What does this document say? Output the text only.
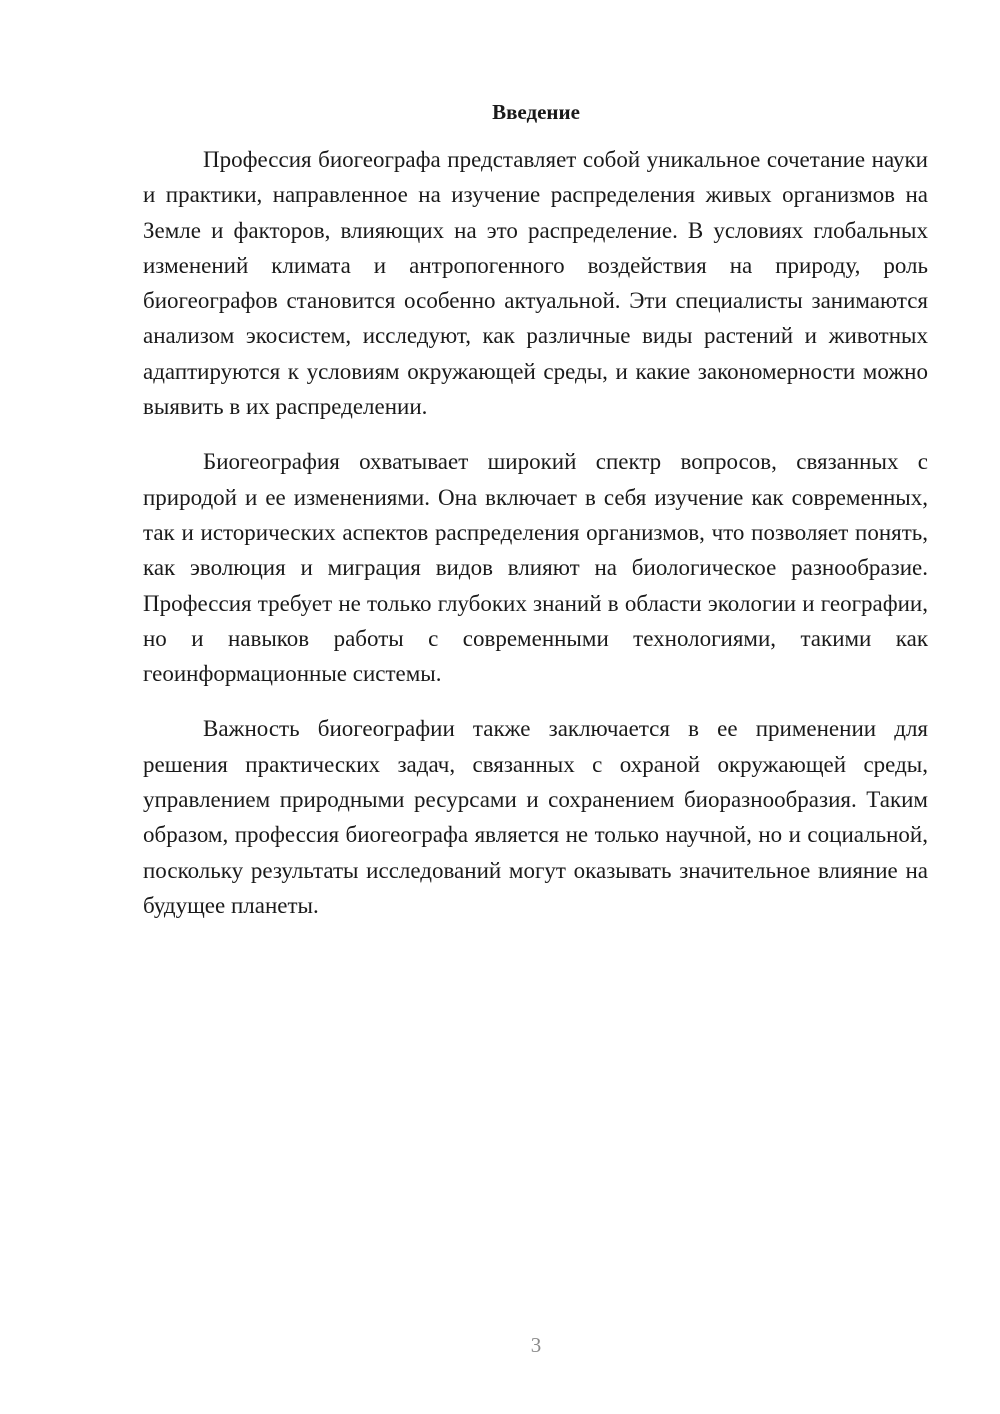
Введение

Профессия биогеографа представляет собой уникальное сочетание науки и практики, направленное на изучение распределения живых организмов на Земле и факторов, влияющих на это распределение. В условиях глобальных изменений климата и антропогенного воздействия на природу, роль биогеографов становится особенно актуальной. Эти специалисты занимаются анализом экосистем, исследуют, как различные виды растений и животных адаптируются к условиям окружающей среды, и какие закономерности можно выявить в их распределении.

Биогеография охватывает широкий спектр вопросов, связанных с природой и ее изменениями. Она включает в себя изучение как современных, так и исторических аспектов распределения организмов, что позволяет понять, как эволюция и миграция видов влияют на биологическое разнообразие. Профессия требует не только глубоких знаний в области экологии и географии, но и навыков работы с современными технологиями, такими как геоинформационные системы.

Важность биогеографии также заключается в ее применении для решения практических задач, связанных с охраной окружающей среды, управлением природными ресурсами и сохранением биоразнообразия. Таким образом, профессия биогеографа является не только научной, но и социальной, поскольку результаты исследований могут оказывать значительное влияние на будущее планеты.

3
